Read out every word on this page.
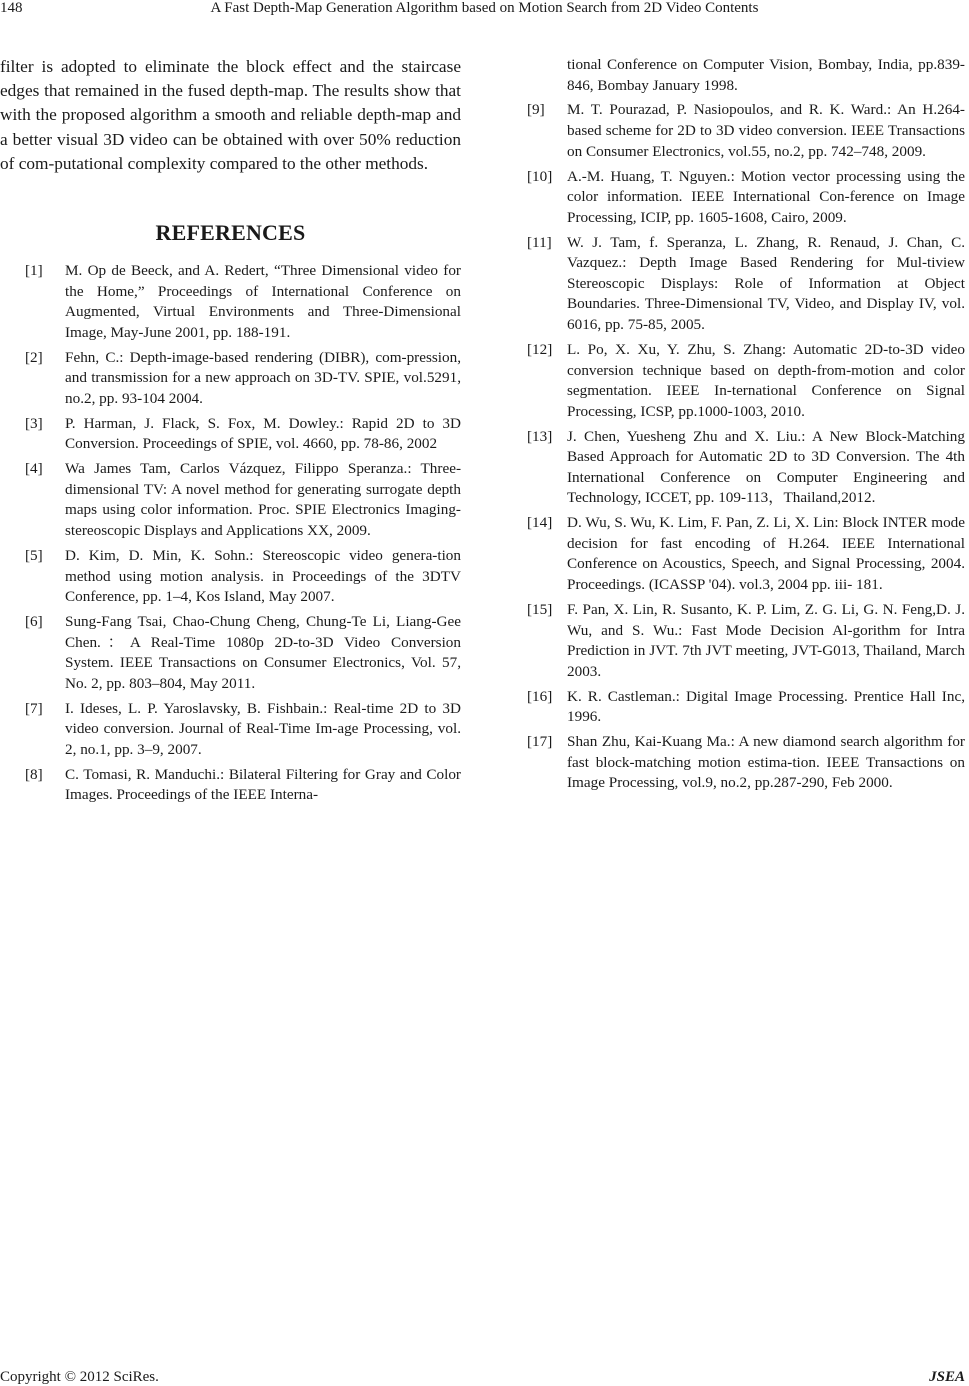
148	A Fast Depth-Map Generation Algorithm based on Motion Search from 2D Video Contents

filter is adopted to eliminate the block effect and the staircase edges that remained in the fused depth-map. The results show that with the proposed algorithm a smooth and reliable depth-map and a better visual 3D video can be obtained with over 50% reduction of com-putational complexity compared to the other methods.

REFERENCES
[1]	M. Op de Beeck, and A. Redert, “Three Dimensional video for the Home,” Proceedings of International Conference on Augmented, Virtual Environments and Three-Dimensional Image, May-June 2001, pp. 188-191.
[2]	Fehn, C.: Depth-image-based rendering (DIBR), com-pression, and transmission for a new approach on 3D-TV. SPIE, vol.5291, no.2, pp. 93-104 2004.
[3]	P. Harman, J. Flack, S. Fox, M. Dowley.: Rapid 2D to 3D Conversion. Proceedings of SPIE, vol. 4660, pp. 78-86, 2002
[4]	Wa James Tam, Carlos Vázquez, Filippo Speranza.: Three-dimensional TV: A novel method for generating surrogate depth maps using color information. Proc. SPIE Electronics Imaging-stereoscopic Displays and Applications XX, 2009.
[5]	D. Kim, D. Min, K. Sohn.: Stereoscopic video genera-tion method using motion analysis. in Proceedings of the 3DTV Conference, pp. 1–4, Kos Island, May 2007.
[6]	Sung-Fang Tsai, Chao-Chung Cheng, Chung-Te Li, Liang-Gee Chen.：A Real-Time 1080p 2D-to-3D Video Conversion System. IEEE Transactions on Consumer Electronics, Vol. 57, No. 2, pp. 803–804, May 2011.
[7]	I. Ideses, L. P. Yaroslavsky, B. Fishbain.: Real-time 2D to 3D video conversion. Journal of Real-Time Im-age Processing, vol. 2, no.1, pp. 3–9, 2007.
[8]	C. Tomasi, R. Manduchi.: Bilateral Filtering for Gray and Color Images. Proceedings of the IEEE Interna-

tional Conference on Computer Vision, Bombay, India, pp.839-846, Bombay January 1998.

[9]	M. T. Pourazad, P. Nasiopoulos, and R. K. Ward.: An H.264-based scheme for 2D to 3D video conversion. IEEE Transactions on Consumer Electronics, vol.55, no.2, pp. 742–748, 2009.
[10] A.-M. Huang, T. Nguyen.: Motion vector processing using the color information. IEEE International Con-ference on Image Processing, ICIP, pp. 1605-1608, Cairo, 2009.
[11]	W. J. Tam, f. Speranza, L. Zhang, R. Renaud, J. Chan, C. Vazquez.: Depth Image Based Rendering for Mul-tiview Stereoscopic Displays: Role of Information at Object Boundaries. Three-Dimensional TV, Video, and Display IV, vol. 6016, pp. 75-85, 2005.
[12] L. Po, X. Xu, Y. Zhu, S. Zhang: Automatic 2D-to-3D video conversion technique based on depth-from-motion and color segmentation. IEEE In-ternational Conference on Signal Processing, ICSP, pp.1000-1003, 2010.
[13] J. Chen, Yuesheng Zhu and X. Liu.: A New Block-Matching Based Approach for Automatic 2D to 3D Conversion. The 4th International Conference on Computer Engineering and Technology, ICCET, pp. 109-113，Thailand,2012.
[14] D. Wu, S. Wu, K. Lim, F. Pan, Z. Li, X. Lin: Block INTER mode decision for fast encoding of H.264. IEEE International Conference on Acoustics, Speech, and Signal Processing, 2004. Proceedings. (ICASSP '04). vol.3, 2004 pp. iii- 181.
[15] F. Pan, X. Lin, R. Susanto, K. P. Lim, Z. G. Li, G. N. Feng,D. J. Wu, and S. Wu.: Fast Mode Decision Al-gorithm for Intra Prediction in JVT. 7th JVT meeting, JVT-G013, Thailand, March 2003.
[16] K. R. Castleman.: Digital Image Processing. Prentice Hall Inc, 1996.
[17] Shan Zhu, Kai-Kuang Ma.: A new diamond search algorithm for fast block-matching motion estima-tion. IEEE Transactions on Image Processing, vol.9, no.2, pp.287-290, Feb 2000.
Copyright © 2012 SciRes.	JSEA
